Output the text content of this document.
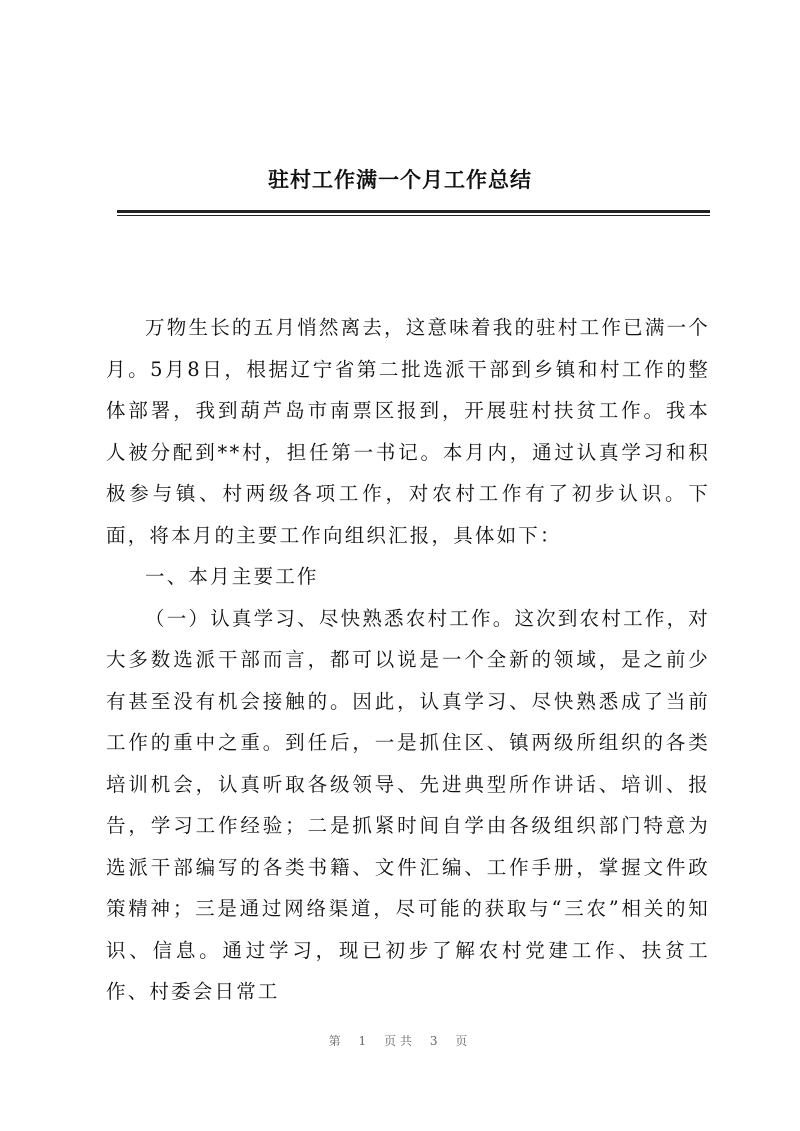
驻村工作满一个月工作总结

万物生长的五月悄然离去，这意味着我的驻村工作已满一个月。5月8日，根据辽宁省第二批选派干部到乡镇和村工作的整体部署，我到葫芦岛市南票区报到，开展驻村扶贫工作。我本人被分配到**村，担任第一书记。本月内，通过认真学习和积极参与镇、村两级各项工作，对农村工作有了初步认识。下面，将本月的主要工作向组织汇报，具体如下：

一、本月主要工作

（一）认真学习、尽快熟悉农村工作。这次到农村工作，对大多数选派干部而言，都可以说是一个全新的领域，是之前少有甚至没有机会接触的。因此，认真学习、尽快熟悉成了当前工作的重中之重。到任后，一是抓住区、镇两级所组织的各类培训机会，认真听取各级领导、先进典型所作讲话、培训、报告，学习工作经验；二是抓紧时间自学由各级组织部门特意为选派干部编写的各类书籍、文件汇编、工作手册，掌握文件政策精神；三是通过网络渠道，尽可能的获取与“三农”相关的知识、信息。通过学习，现已初步了解农村党建工作、扶贫工作、村委会日常工

第 1 页共 3 页
